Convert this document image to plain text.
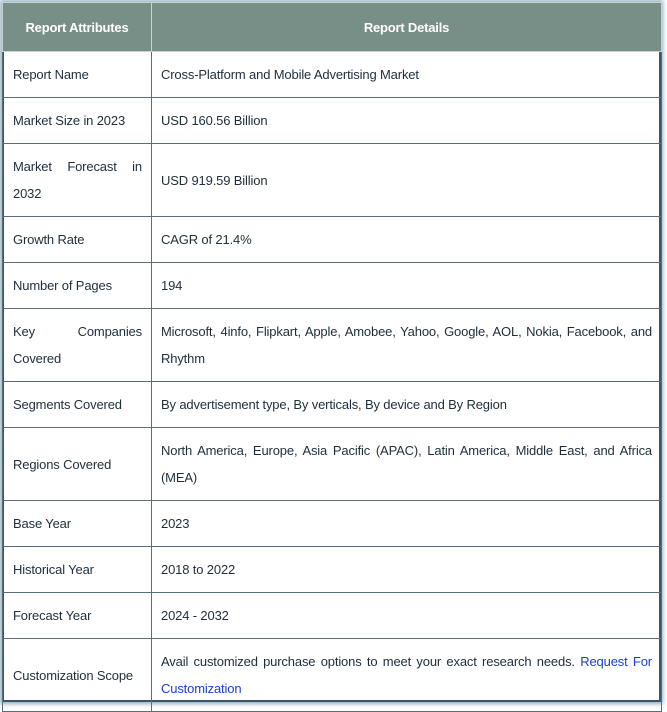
Report Attributes	Report Details
Report Name	Cross-Platform and Mobile Advertising Market
Market Size in 2023	USD 160.56 Billion
Market Forecast in 2032	USD 919.59 Billion
Growth Rate	CAGR of 21.4%
Number of Pages	194
Key Companies Covered	Microsoft, 4info, Flipkart, Apple, Amobee, Yahoo, Google, AOL, Nokia, Facebook, and Rhythm
Segments Covered	By advertisement type, By verticals, By device and By Region
Regions Covered	North America, Europe, Asia Pacific (APAC), Latin America, Middle East, and Africa (MEA)
Base Year	2023
Historical Year	2018 to 2022
Forecast Year	2024 - 2032
Customization Scope	Avail customized purchase options to meet your exact research needs. Request For Customization
